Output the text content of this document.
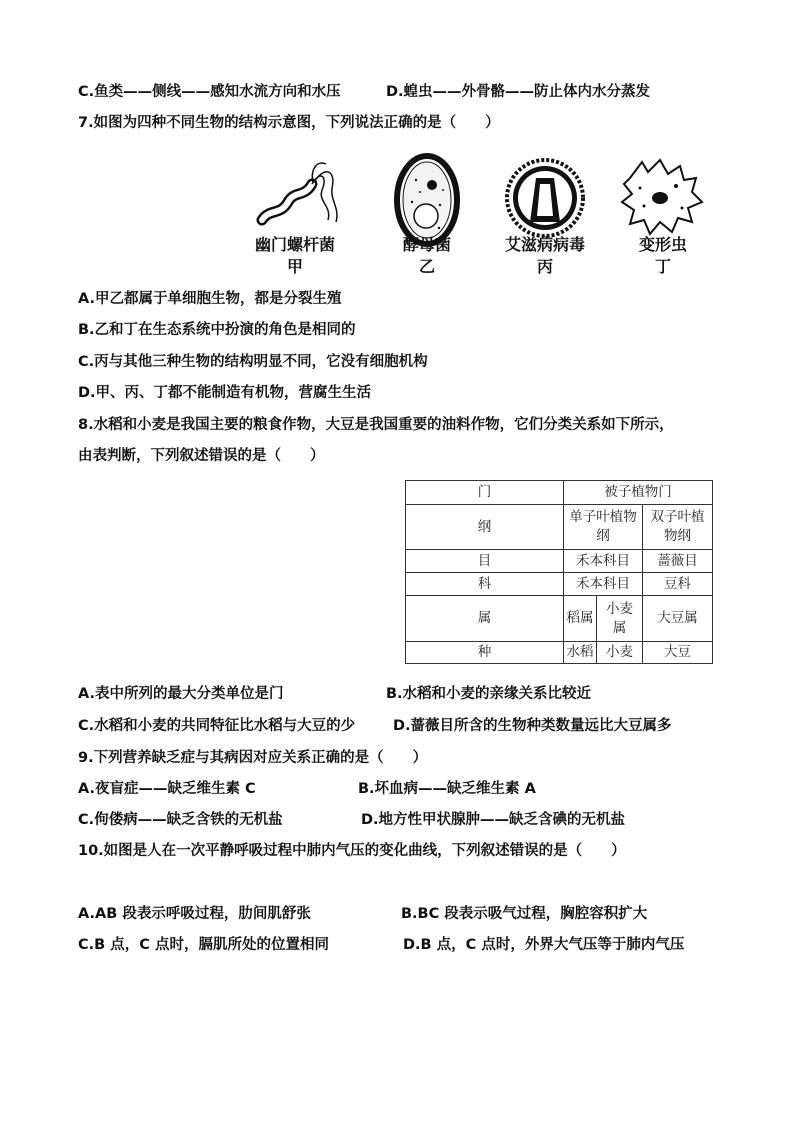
C.鱼类——侧线——感知水流方向和水压	D.蝗虫——外骨骼——防止体内水分蒸发
7.如图为四种不同生物的结构示意图，下列说法正确的是（　　）
幽门螺杆菌
甲
酵母菌
乙
艾滋病病毒
丙
变形虫
丁
A.甲乙都属于单细胞生物，都是分裂生殖
B.乙和丁在生态系统中扮演的角色是相同的
C.丙与其他三种生物的结构明显不同，它没有细胞机构
D.甲、丙、丁都不能制造有机物，营腐生生活
8.水稻和小麦是我国主要的粮食作物，大豆是我国重要的油料作物，它们分类关系如下所示，
由表判断，下列叙述错误的是（　　）
门	被子植物门		
纲	单子叶植物纲		双子叶植物纲
目	禾本科目		蔷薇目
科	禾本科目		豆科
属	稻属	小麦属	大豆属
种	水稻	小麦	大豆
A.表中所列的最大分类单位是门	B.水稻和小麦的亲缘关系比较近
C.水稻和小麦的共同特征比水稻与大豆的少	D.蔷薇目所含的生物种类数量远比大豆属多
9.下列营养缺乏症与其病因对应关系正确的是（　　）
A.夜盲症——缺乏维生素 C	B.坏血病——缺乏维生素 A
C.佝偻病——缺乏含铁的无机盐	D.地方性甲状腺肿——缺乏含碘的无机盐
10.如图是人在一次平静呼吸过程中肺内气压的变化曲线，下列叙述错误的是（　　）
A.AB 段表示呼吸过程，肋间肌舒张	B.BC 段表示吸气过程，胸腔容积扩大
C.B 点，C 点时，膈肌所处的位置相同	D.B 点，C 点时，外界大气压等于肺内气压
